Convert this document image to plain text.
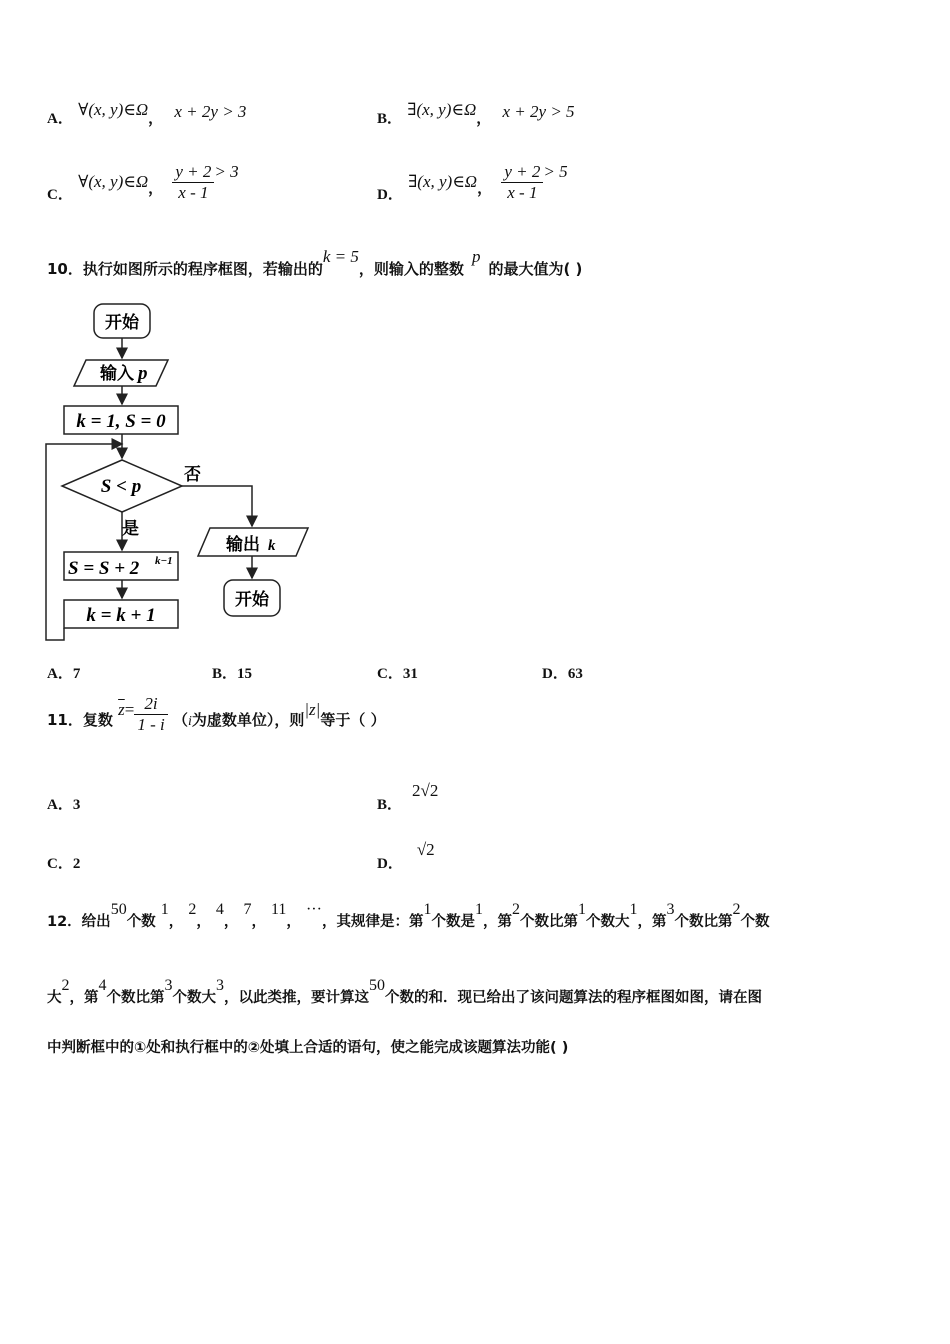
A． ∀(x, y)∈Ω， x + 2y > 3	B． ∃(x, y)∈Ω， x + 2y > 5
C． ∀(x, y)∈Ω， $\frac{y + 2}{x - 1} > 3$
D． ∃(x, y)∈Ω， $\frac{y + 2}{x - 1} > 5$
10．执行如图所示的程序框图，若输出的k = 5，则输入的整数p的最大值为( )
开始
输入 p
k = 1, S = 0
S < p
否
是
输出 k
开始
S = S + 2 k−1
k = k + 1
A．7	B．15	C．31	D．63
11．复数 $\overline{z}= \frac{2i}{1 - i} (i$为虚数单位），则|z|等于（ ）
A．3	B．2√2
C．2	D．√2
12．给出50个数 1， 2， 4， 7， 11， ···，其规律是：第1个数是1，第2个数比第1个数大1，第3个数比第2个数
大2，第4个数比第3个数大3，以此类推，要计算这50个数的和．现已给出了该问题算法的程序框图如图，请在图
中判断框中的①处和执行框中的②处填上合适的语句，使之能完成该题算法功能( )
